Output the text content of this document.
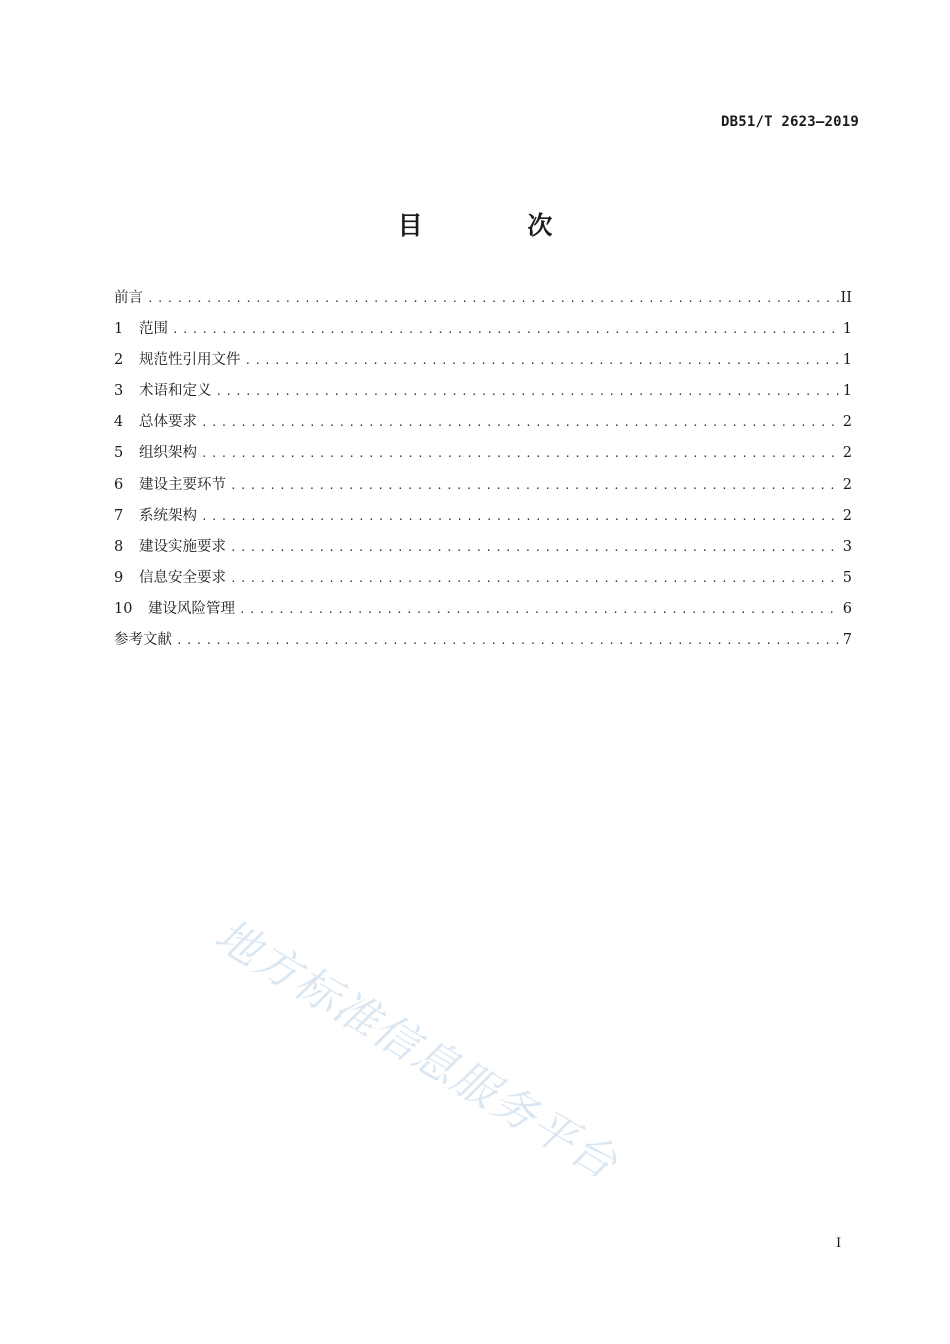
DB51/T 2623—2019
目 次
前言 .....	II
1	范围 .....	1
2	规范性引用文件 .....	1
3	术语和定义 .....	1
4	总体要求 .....	2
5	组织架构 .....	2
6	建设主要环节 .....	2
7	系统架构 .....	2
8	建设实施要求 .....	3
9	信息安全要求 .....	5
10	建设风险管理 .....	6
参考文献 .....	7
地方标准信息服务平台
I
